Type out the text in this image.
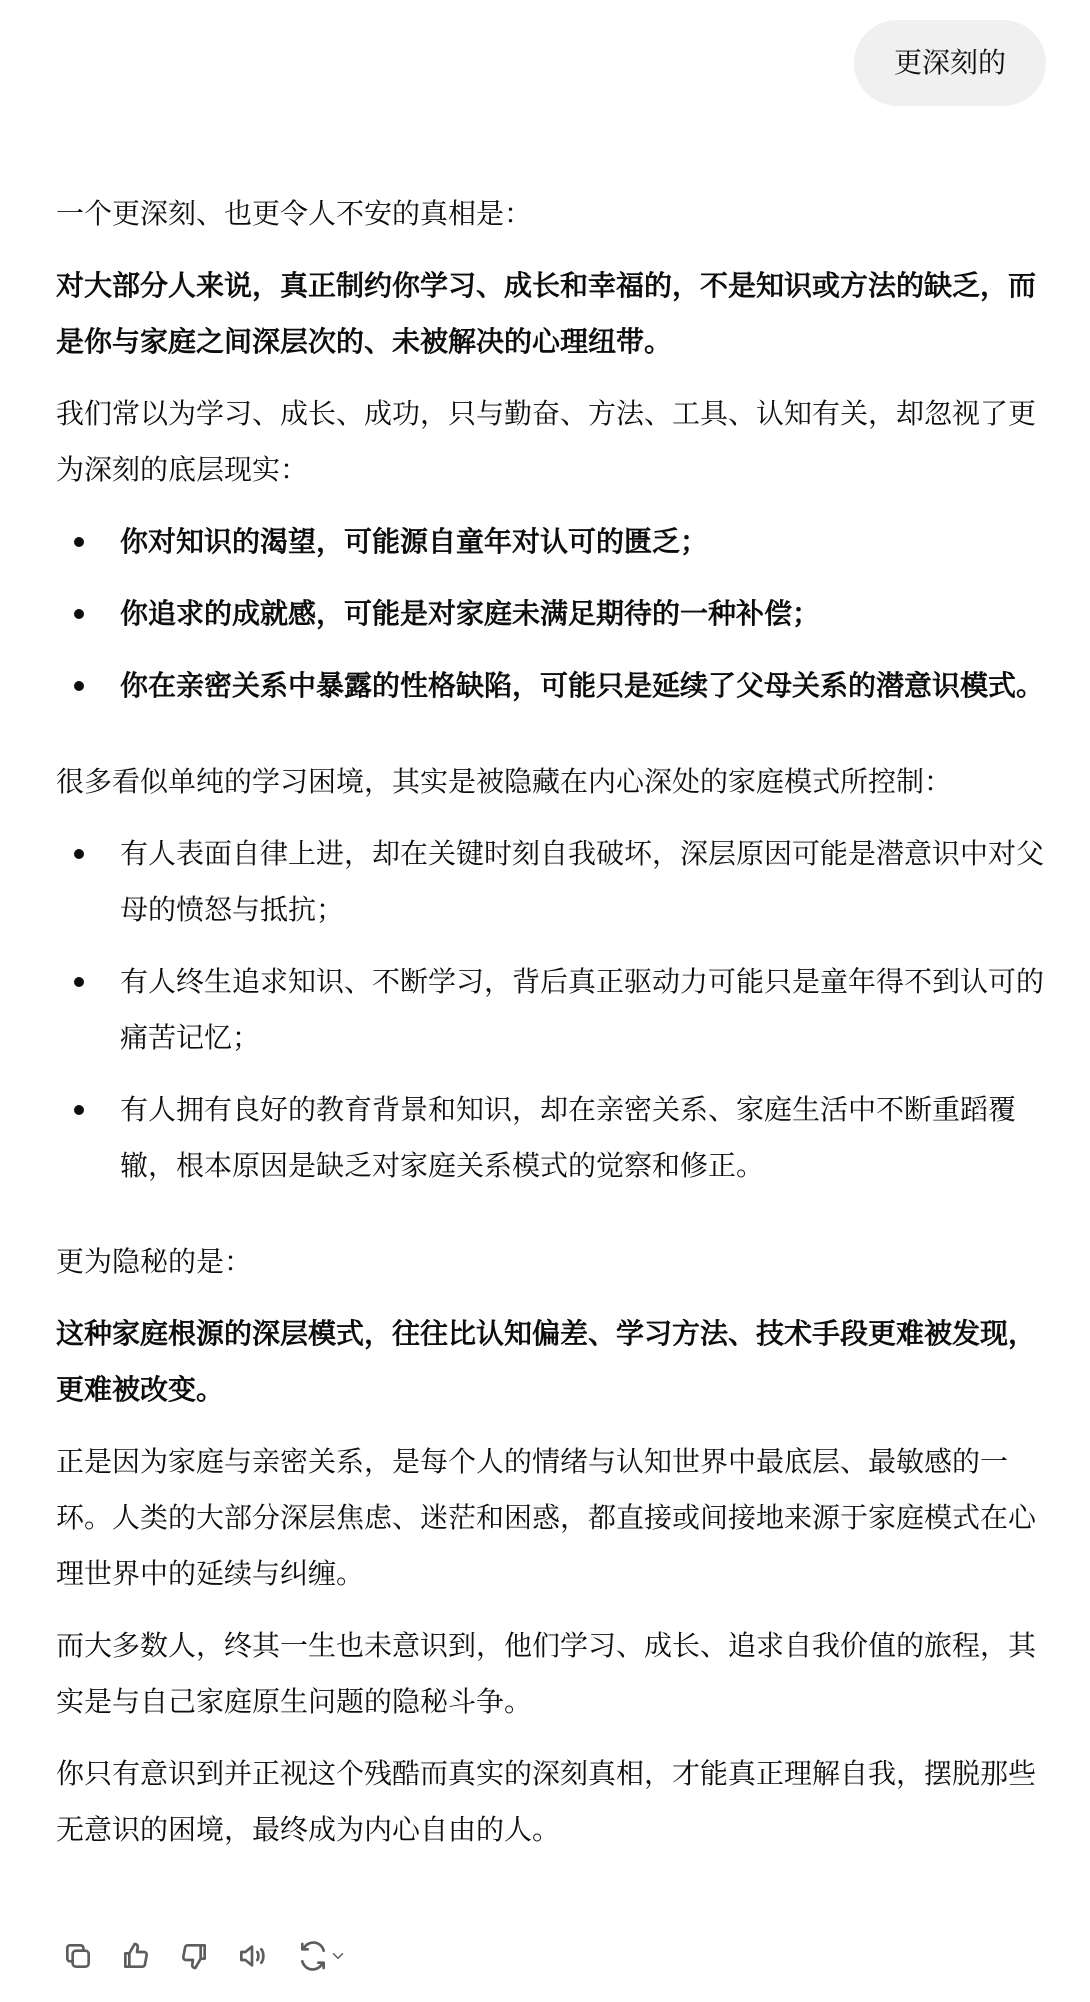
更深刻的

一个更深刻、也更令人不安的真相是：

对大部分人来说，真正制约你学习、成长和幸福的，不是知识或方法的缺乏，而是你与家庭之间深层次的、未被解决的心理纽带。

我们常以为学习、成长、成功，只与勤奋、方法、工具、认知有关，却忽视了更为深刻的底层现实：

你对知识的渴望，可能源自童年对认可的匮乏；
你追求的成就感，可能是对家庭未满足期待的一种补偿；
你在亲密关系中暴露的性格缺陷，可能只是延续了父母关系的潜意识模式。

很多看似单纯的学习困境，其实是被隐藏在内心深处的家庭模式所控制：

有人表面自律上进，却在关键时刻自我破坏，深层原因可能是潜意识中对父母的愤怒与抵抗；
有人终生追求知识、不断学习，背后真正驱动力可能只是童年得不到认可的痛苦记忆；
有人拥有良好的教育背景和知识，却在亲密关系、家庭生活中不断重蹈覆辙，根本原因是缺乏对家庭关系模式的觉察和修正。

更为隐秘的是：

这种家庭根源的深层模式，往往比认知偏差、学习方法、技术手段更难被发现，更难被改变。

正是因为家庭与亲密关系，是每个人的情绪与认知世界中最底层、最敏感的一环。人类的大部分深层焦虑、迷茫和困惑，都直接或间接地来源于家庭模式在心理世界中的延续与纠缠。

而大多数人，终其一生也未意识到，他们学习、成长、追求自我价值的旅程，其实是与自己家庭原生问题的隐秘斗争。

你只有意识到并正视这个残酷而真实的深刻真相，才能真正理解自我，摆脱那些无意识的困境，最终成为内心自由的人。
